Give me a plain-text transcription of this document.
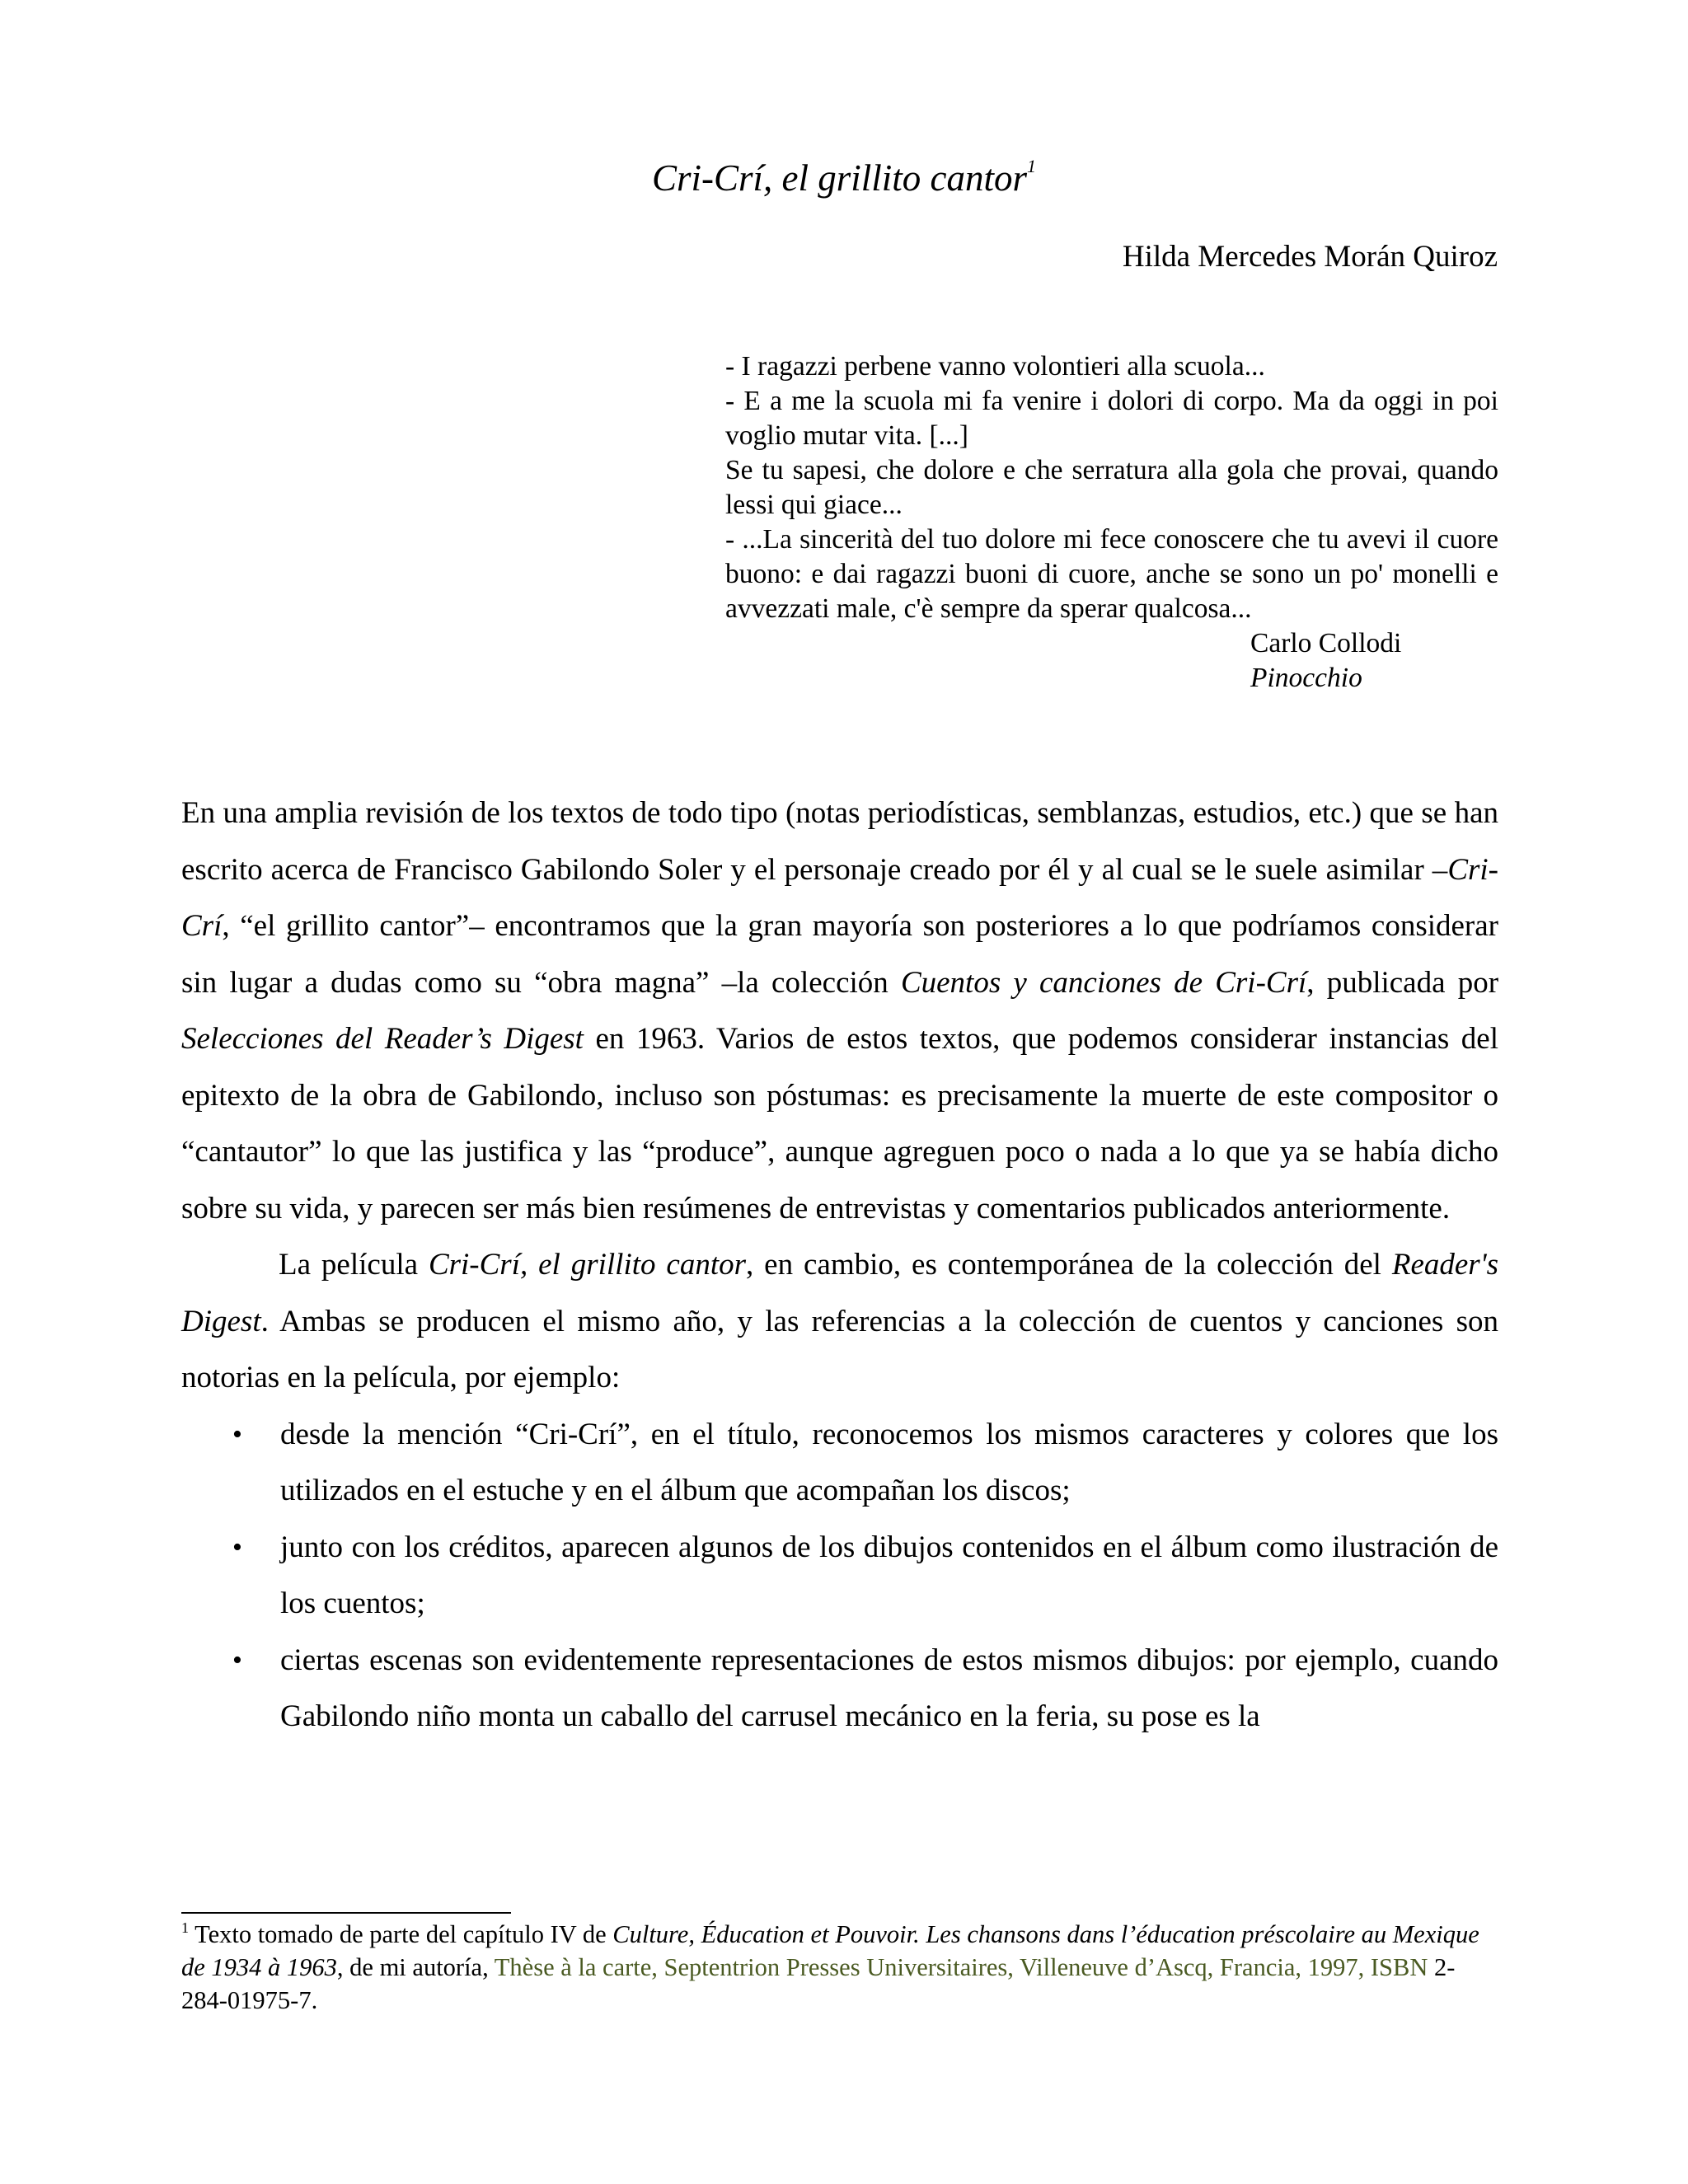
Cri-Crí, el grillito cantor$^1$
Hilda Mercedes Morán Quiroz

- I ragazzi perbene vanno volontieri alla scuola...

- E a me la scuola mi fa venire i dolori di corpo. Ma da oggi in poi voglio mutar vita. [...]

Se tu sapesi, che dolore e che serratura alla gola che provai, quando lessi qui giace...

- ...La sincerità del tuo dolore mi fece conoscere che tu avevi il cuore buono: e dai ragazzi buoni di cuore, anche se sono un po' monelli e avvezzati male, c'è sempre da sperar qualcosa...

Carlo Collodi

Pinocchio

En una amplia revisión de los textos de todo tipo (notas periodísticas, semblanzas, estudios, etc.) que se han escrito acerca de Francisco Gabilondo Soler y el personaje creado por él y al cual se le suele asimilar –Cri-Crí, “el grillito cantor”– encontramos que la gran mayoría son posteriores a lo que podríamos considerar sin lugar a dudas como su “obra magna” –la colección Cuentos y canciones de Cri-Crí, publicada por Selecciones del Reader’s Digest en 1963. Varios de estos textos, que podemos considerar instancias del epitexto de la obra de Gabilondo, incluso son póstumas: es precisamente la muerte de este compositor o “cantautor” lo que las justifica y las “produce”, aunque agreguen poco o nada a lo que ya se había dicho sobre su vida, y parecen ser más bien resúmenes de entrevistas y comentarios publicados anteriormente.

La película Cri-Crí, el grillito cantor, en cambio, es contemporánea de la colección del Reader's Digest. Ambas se producen el mismo año, y las referencias a la colección de cuentos y canciones son notorias en la película, por ejemplo:

• desde la mención “Cri-Crí”, en el título, reconocemos los mismos caracteres y colores que los utilizados en el estuche y en el álbum que acompañan los discos;
• junto con los créditos, aparecen algunos de los dibujos contenidos en el álbum como ilustración de los cuentos;
• ciertas escenas son evidentemente representaciones de estos mismos dibujos: por ejemplo, cuando Gabilondo niño monta un caballo del carrusel mecánico en la feria, su pose es la
$^1$ Texto tomado de parte del capítulo IV de Culture, Éducation et Pouvoir. Les chansons dans l’éducation préscolaire au Mexique de 1934 à 1963, de mi autoría, Thèse à la carte, Septentrion Presses Universitaires, Villeneuve d’Ascq, Francia, 1997, ISBN 2-284-01975-7.
